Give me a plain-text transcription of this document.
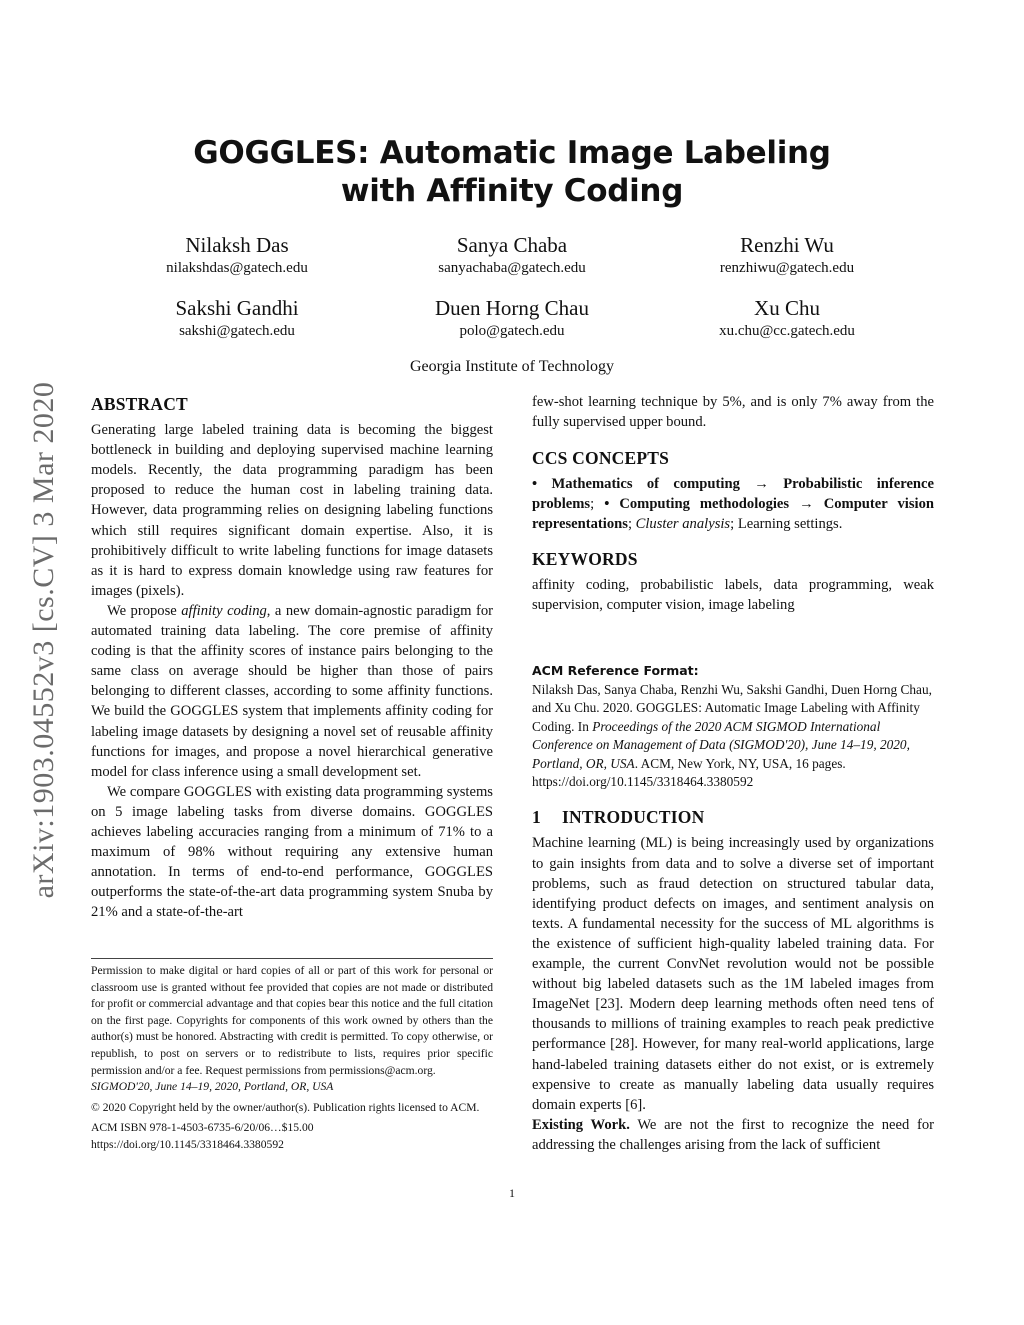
arXiv:1903.04552v3 [cs.CV] 3 Mar 2020
GOGGLES: Automatic Image Labeling
with Affinity Coding
Nilaksh Das
nilakshdas@gatech.edu
Sanya Chaba
sanyachaba@gatech.edu
Renzhi Wu
renzhiwu@gatech.edu
Sakshi Gandhi
sakshi@gatech.edu
Duen Horng Chau
polo@gatech.edu
Xu Chu
xu.chu@cc.gatech.edu
Georgia Institute of Technology
ABSTRACT

Generating large labeled training data is becoming the biggest bottleneck in building and deploying supervised machine learning models. Recently, the data programming paradigm has been proposed to reduce the human cost in labeling training data. However, data programming relies on designing labeling functions which still requires significant domain expertise. Also, it is prohibitively difficult to write labeling functions for image datasets as it is hard to express domain knowledge using raw features for images (pixels).

We propose affinity coding, a new domain-agnostic paradigm for automated training data labeling. The core premise of affinity coding is that the affinity scores of instance pairs belonging to the same class on average should be higher than those of pairs belonging to different classes, according to some affinity functions. We build the GOGGLES system that implements affinity coding for labeling image datasets by designing a novel set of reusable affinity functions for images, and propose a novel hierarchical generative model for class inference using a small development set.

We compare GOGGLES with existing data programming systems on 5 image labeling tasks from diverse domains. GOGGLES achieves labeling accuracies ranging from a minimum of 71% to a maximum of 98% without requiring any extensive human annotation. In terms of end-to-end performance, GOGGLES outperforms the state-of-the-art data programming system Snuba by 21% and a state-of-the-art

Permission to make digital or hard copies of all or part of this work for personal or classroom use is granted without fee provided that copies are not made or distributed for profit or commercial advantage and that copies bear this notice and the full citation on the first page. Copyrights for components of this work owned by others than the author(s) must be honored. Abstracting with credit is permitted. To copy otherwise, or republish, to post on servers or to redistribute to lists, requires prior specific permission and/or a fee. Request permissions from permissions@acm.org.

SIGMOD'20, June 14–19, 2020, Portland, OR, USA

© 2020 Copyright held by the owner/author(s). Publication rights licensed to ACM.

ACM ISBN 978-1-4503-6735-6/20/06…$15.00

https://doi.org/10.1145/3318464.3380592

few-shot learning technique by 5%, and is only 7% away from the fully supervised upper bound.

CCS CONCEPTS

• Mathematics of computing → Probabilistic inference problems; • Computing methodologies → Computer vision representations; Cluster analysis; Learning settings.

KEYWORDS

affinity coding, probabilistic labels, data programming, weak supervision, computer vision, image labeling

ACM Reference Format:

Nilaksh Das, Sanya Chaba, Renzhi Wu, Sakshi Gandhi, Duen Horng Chau, and Xu Chu. 2020. GOGGLES: Automatic Image Labeling with Affinity Coding. In Proceedings of the 2020 ACM SIGMOD International Conference on Management of Data (SIGMOD'20), June 14–19, 2020, Portland, OR, USA. ACM, New York, NY, USA, 16 pages. https://doi.org/10.1145/3318464.3380592

1 INTRODUCTION

Machine learning (ML) is being increasingly used by organizations to gain insights from data and to solve a diverse set of important problems, such as fraud detection on structured tabular data, identifying product defects on images, and sentiment analysis on texts. A fundamental necessity for the success of ML algorithms is the existence of sufficient high-quality labeled training data. For example, the current ConvNet revolution would not be possible without big labeled datasets such as the 1M labeled images from ImageNet [23]. Modern deep learning methods often need tens of thousands to millions of training examples to reach peak predictive performance [28]. However, for many real-world applications, large hand-labeled training datasets either do not exist, or is extremely expensive to create as manually labeling data usually requires domain experts [6].

Existing Work. We are not the first to recognize the need for addressing the challenges arising from the lack of sufficient

1
